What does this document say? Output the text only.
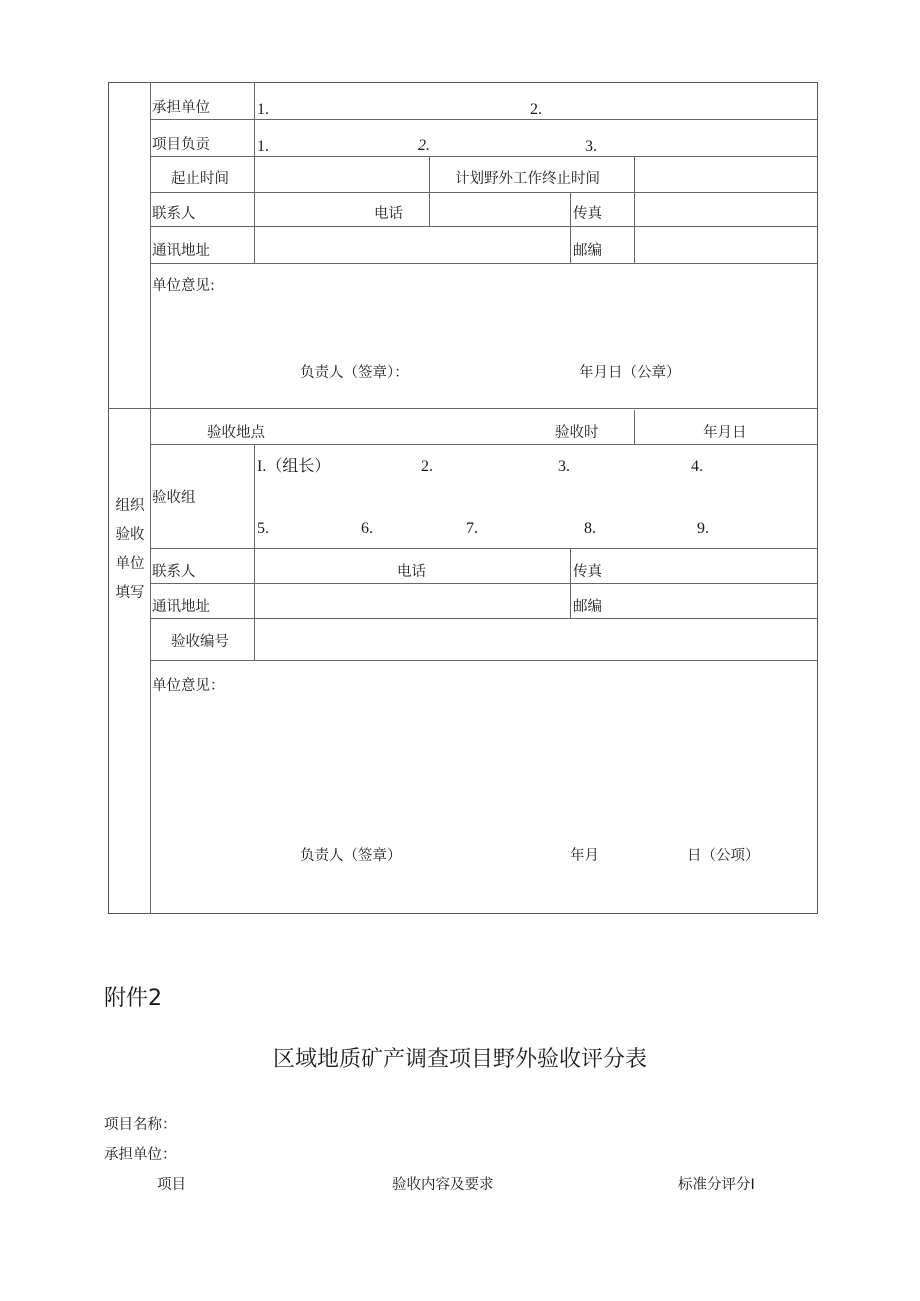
承担单位	1.	2.
项目负贡	1.	2.	3.
起止时间	计划野外工作终止时间
联系人	电话	传真
通讯地址	邮编
单位意见:
负责人（签章）：	年月日（公章）
组织
验收
单位
填写
验收地点	验收时	年月日
验收组
I.（组长）	2.	3.	4.
5.	6.	7.	8.	9.
联系人	电话	传真
通讯地址	邮编
验收编号
单位意见：
负责人（签章）	年月	日（公项）
附件2
区域地质矿产调查项目野外验收评分表
项目名称：
承担单位：
项目	验收内容及要求	标准分评分I
